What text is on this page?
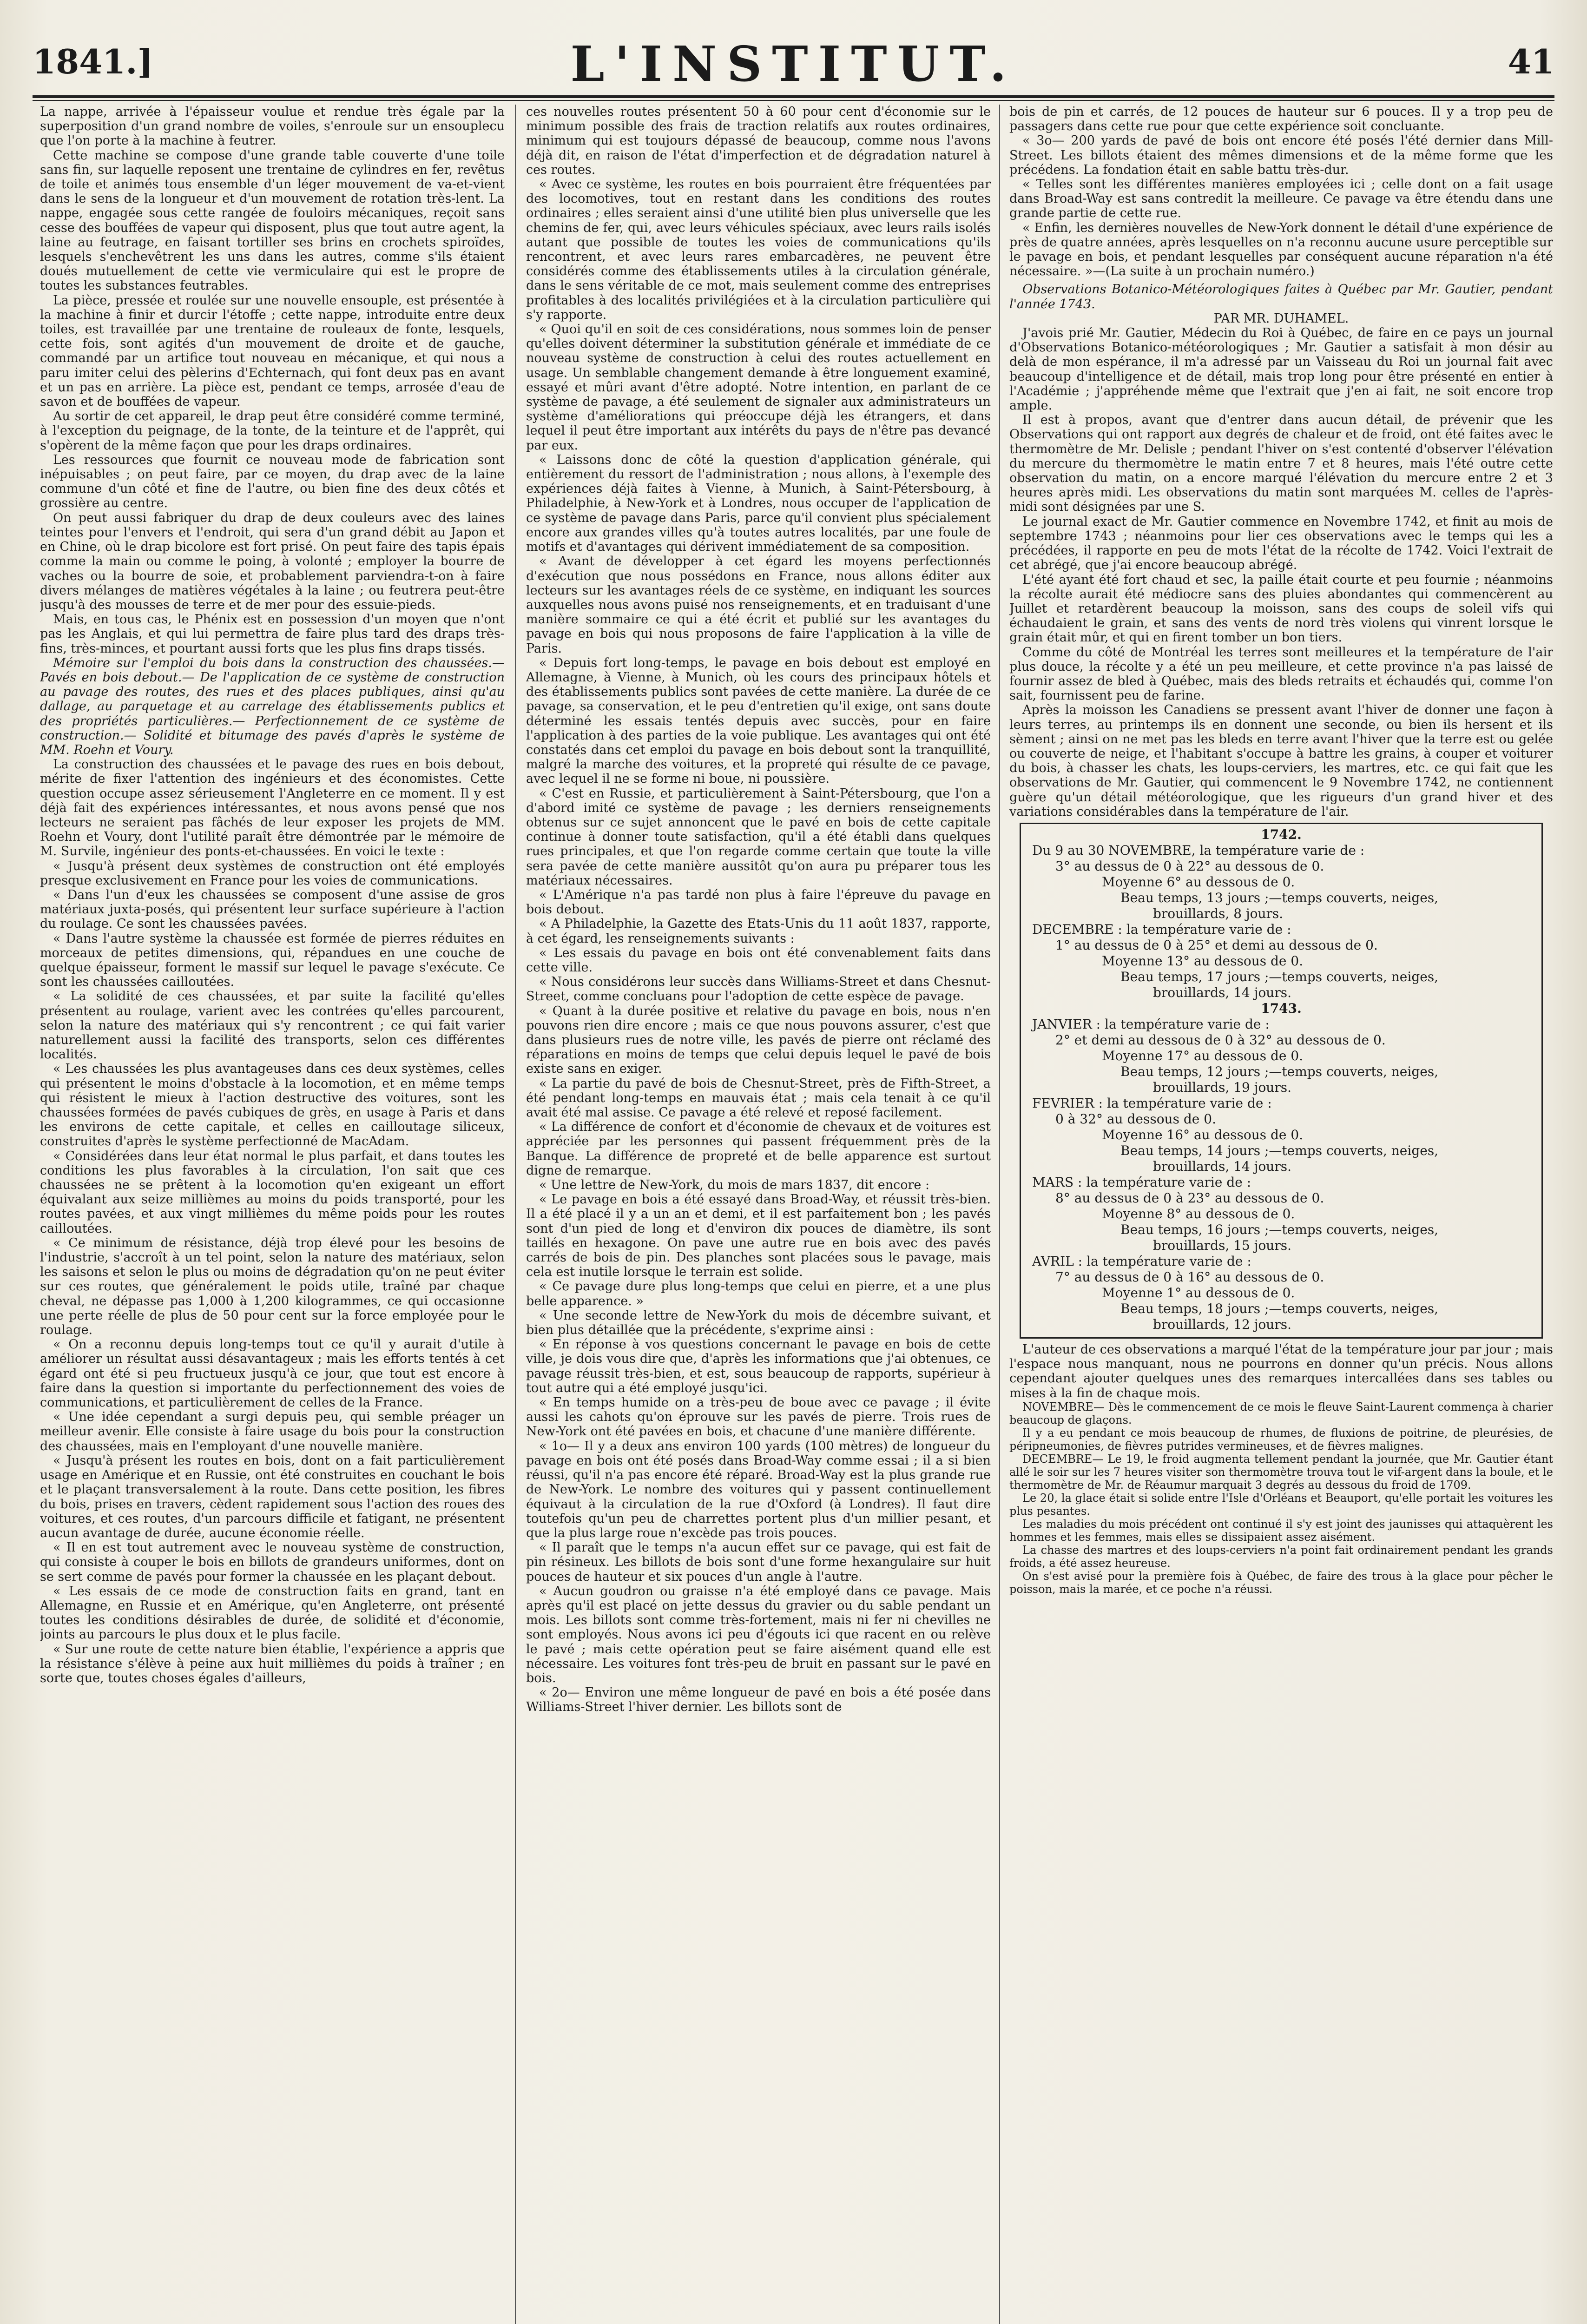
1841.]	L'INSTITUT.	41

La nappe, arrivée à l'épaisseur voulue et rendue très égale par la superposition d'un grand nombre de voiles, s'enroule sur un ensouplecu que l'on porte à la machine à feutrer.

Cette machine se compose d'une grande table couverte d'une toile sans fin, sur laquelle reposent une trentaine de cylindres en fer, revêtus de toile et animés tous ensemble d'un léger mouvement de va-et-vient dans le sens de la longueur et d'un mouvement de rotation très-lent. La nappe, engagée sous cette rangée de fouloirs mécaniques, reçoit sans cesse des bouffées de vapeur qui disposent, plus que tout autre agent, la laine au feutrage, en faisant tortiller ses brins en crochets spiroïdes, lesquels s'enchevêtrent les uns dans les autres, comme s'ils étaient doués mutuellement de cette vie vermiculaire qui est le propre de toutes les substances feutrables.

La pièce, pressée et roulée sur une nouvelle ensouple, est présentée à la machine à finir et durcir l'étoffe ; cette nappe, introduite entre deux toiles, est travaillée par une trentaine de rouleaux de fonte, lesquels, cette fois, sont agités d'un mouvement de droite et de gauche, commandé par un artifice tout nouveau en mécanique, et qui nous a paru imiter celui des pèlerins d'Echternach, qui font deux pas en avant et un pas en arrière. La pièce est, pendant ce temps, arrosée d'eau de savon et de bouffées de vapeur.

Au sortir de cet appareil, le drap peut être considéré comme terminé, à l'exception du peignage, de la tonte, de la teinture et de l'apprêt, qui s'opèrent de la même façon que pour les draps ordinaires.

Les ressources que fournit ce nouveau mode de fabrication sont inépuisables ; on peut faire, par ce moyen, du drap avec de la laine commune d'un côté et fine de l'autre, ou bien fine des deux côtés et grossière au centre.

On peut aussi fabriquer du drap de deux couleurs avec des laines teintes pour l'envers et l'endroit, qui sera d'un grand débit au Japon et en Chine, où le drap bicolore est fort prisé. On peut faire des tapis épais comme la main ou comme le poing, à volonté ; employer la bourre de vaches ou la bourre de soie, et probablement parviendra-t-on à faire divers mélanges de matières végétales à la laine ; ou feutrera peut-être jusqu'à des mousses de terre et de mer pour des essuie-pieds.

Mais, en tous cas, le Phénix est en possession d'un moyen que n'ont pas les Anglais, et qui lui permettra de faire plus tard des draps très-fins, très-minces, et pourtant aussi forts que les plus fins draps tissés.

Mémoire sur l'emploi du bois dans la construction des chaussées.— Pavés en bois debout.— De l'application de ce système de construction au pavage des routes, des rues et des places publiques, ainsi qu'au dallage, au parquetage et au carrelage des établissements publics et des propriétés particulières.— Perfectionnement de ce système de construction.— Solidité et bitumage des pavés d'après le système de MM. Roehn et Voury.

La construction des chaussées et le pavage des rues en bois debout, mérite de fixer l'attention des ingénieurs et des économistes. Cette question occupe assez sérieusement l'Angleterre en ce moment. Il y est déjà fait des expériences intéressantes, et nous avons pensé que nos lecteurs ne seraient pas fâchés de leur exposer les projets de MM. Roehn et Voury, dont l'utilité paraît être démontrée par le mémoire de M. Survile, ingénieur des ponts-et-chaussées. En voici le texte :

« Jusqu'à présent deux systèmes de construction ont été employés presque exclusivement en France pour les voies de communications.

« Dans l'un d'eux les chaussées se composent d'une assise de gros matériaux juxta-posés, qui présentent leur surface supérieure à l'action du roulage. Ce sont les chaussées pavées.

« Dans l'autre système la chaussée est formée de pierres réduites en morceaux de petites dimensions, qui, répandues en une couche de quelque épaisseur, forment le massif sur lequel le pavage s'exécute. Ce sont les chaussées cailloutées.

« La solidité de ces chaussées, et par suite la facilité qu'elles présentent au roulage, varient avec les contrées qu'elles parcourent, selon la nature des matériaux qui s'y rencontrent ; ce qui fait varier naturellement aussi la facilité des transports, selon ces différentes localités.

« Les chaussées les plus avantageuses dans ces deux systèmes, celles qui présentent le moins d'obstacle à la locomotion, et en même temps qui résistent le mieux à l'action destructive des voitures, sont les chaussées formées de pavés cubiques de grès, en usage à Paris et dans les environs de cette capitale, et celles en cailloutage siliceux, construites d'après le système perfectionné de MacAdam.

« Considérées dans leur état normal le plus parfait, et dans toutes les conditions les plus favorables à la circulation, l'on sait que ces chaussées ne se prêtent à la locomotion qu'en exigeant un effort équivalant aux seize millièmes au moins du poids transporté, pour les routes pavées, et aux vingt millièmes du même poids pour les routes cailloutées.

« Ce minimum de résistance, déjà trop élevé pour les besoins de l'industrie, s'accroît à un tel point, selon la nature des matériaux, selon les saisons et selon le plus ou moins de dégradation qu'on ne peut éviter sur ces routes, que généralement le poids utile, traîné par chaque cheval, ne dépasse pas 1,000 à 1,200 kilogrammes, ce qui occasionne une perte réelle de plus de 50 pour cent sur la force employée pour le roulage.

« On a reconnu depuis long-temps tout ce qu'il y aurait d'utile à améliorer un résultat aussi désavantageux ; mais les efforts tentés à cet égard ont été si peu fructueux jusqu'à ce jour, que tout est encore à faire dans la question si importante du perfectionnement des voies de communications, et particulièrement de celles de la France.

« Une idée cependant a surgi depuis peu, qui semble préager un meilleur avenir. Elle consiste à faire usage du bois pour la construction des chaussées, mais en l'employant d'une nouvelle manière.

« Jusqu'à présent les routes en bois, dont on a fait particulièrement usage en Amérique et en Russie, ont été construites en couchant le bois et le plaçant transversalement à la route. Dans cette position, les fibres du bois, prises en travers, cèdent rapidement sous l'action des roues des voitures, et ces routes, d'un parcours difficile et fatigant, ne présentent aucun avantage de durée, aucune économie réelle.

« Il en est tout autrement avec le nouveau système de construction, qui consiste à couper le bois en billots de grandeurs uniformes, dont on se sert comme de pavés pour former la chaussée en les plaçant debout.

« Les essais de ce mode de construction faits en grand, tant en Allemagne, en Russie et en Amérique, qu'en Angleterre, ont présenté toutes les conditions désirables de durée, de solidité et d'économie, joints au parcours le plus doux et le plus facile.

« Sur une route de cette nature bien établie, l'expérience a appris que la résistance s'élève à peine aux huit millièmes du poids à traîner ; en sorte que, toutes choses égales d'ailleurs,

ces nouvelles routes présentent 50 à 60 pour cent d'économie sur le minimum possible des frais de traction relatifs aux routes ordinaires, minimum qui est toujours dépassé de beaucoup, comme nous l'avons déjà dit, en raison de l'état d'imperfection et de dégradation naturel à ces routes.

« Avec ce système, les routes en bois pourraient être fréquentées par des locomotives, tout en restant dans les conditions des routes ordinaires ; elles seraient ainsi d'une utilité bien plus universelle que les chemins de fer, qui, avec leurs véhicules spéciaux, avec leurs rails isolés autant que possible de toutes les voies de communications qu'ils rencontrent, et avec leurs rares embarcadères, ne peuvent être considérés comme des établissements utiles à la circulation générale, dans le sens véritable de ce mot, mais seulement comme des entreprises profitables à des localités privilégiées et à la circulation particulière qui s'y rapporte.

« Quoi qu'il en soit de ces considérations, nous sommes loin de penser qu'elles doivent déterminer la substitution générale et immédiate de ce nouveau système de construction à celui des routes actuellement en usage. Un semblable changement demande à être longuement examiné, essayé et mûri avant d'être adopté. Notre intention, en parlant de ce système de pavage, a été seulement de signaler aux administrateurs un système d'améliorations qui préoccupe déjà les étrangers, et dans lequel il peut être important aux intérêts du pays de n'être pas devancé par eux.

« Laissons donc de côté la question d'application générale, qui entièrement du ressort de l'administration ; nous allons, à l'exemple des expériences déjà faites à Vienne, à Munich, à Saint-Pétersbourg, à Philadelphie, à New-York et à Londres, nous occuper de l'application de ce système de pavage dans Paris, parce qu'il convient plus spécialement encore aux grandes villes qu'à toutes autres localités, par une foule de motifs et d'avantages qui dérivent immédiatement de sa composition.

« Avant de développer à cet égard les moyens perfectionnés d'exécution que nous possédons en France, nous allons éditer aux lecteurs sur les avantages réels de ce système, en indiquant les sources auxquelles nous avons puisé nos renseignements, et en traduisant d'une manière sommaire ce qui a été écrit et publié sur les avantages du pavage en bois qui nous proposons de faire l'application à la ville de Paris.

« Depuis fort long-temps, le pavage en bois debout est employé en Allemagne, à Vienne, à Munich, où les cours des principaux hôtels et des établissements publics sont pavées de cette manière. La durée de ce pavage, sa conservation, et le peu d'entretien qu'il exige, ont sans doute déterminé les essais tentés depuis avec succès, pour en faire l'application à des parties de la voie publique. Les avantages qui ont été constatés dans cet emploi du pavage en bois debout sont la tranquillité, malgré la marche des voitures, et la propreté qui résulte de ce pavage, avec lequel il ne se forme ni boue, ni poussière.

« C'est en Russie, et particulièrement à Saint-Pétersbourg, que l'on a d'abord imité ce système de pavage ; les derniers renseignements obtenus sur ce sujet annoncent que le pavé en bois de cette capitale continue à donner toute satisfaction, qu'il a été établi dans quelques rues principales, et que l'on regarde comme certain que toute la ville sera pavée de cette manière aussitôt qu'on aura pu préparer tous les matériaux nécessaires.

« L'Amérique n'a pas tardé non plus à faire l'épreuve du pavage en bois debout.

« A Philadelphie, la Gazette des Etats-Unis du 11 août 1837, rapporte, à cet égard, les renseignements suivants :

« Les essais du pavage en bois ont été convenablement faits dans cette ville.

« Nous considérons leur succès dans Williams-Street et dans Chesnut-Street, comme concluans pour l'adoption de cette espèce de pavage.

« Quant à la durée positive et relative du pavage en bois, nous n'en pouvons rien dire encore ; mais ce que nous pouvons assurer, c'est que dans plusieurs rues de notre ville, les pavés de pierre ont réclamé des réparations en moins de temps que celui depuis lequel le pavé de bois existe sans en exiger.

« La partie du pavé de bois de Chesnut-Street, près de Fifth-Street, a été pendant long-temps en mauvais état ; mais cela tenait à ce qu'il avait été mal assise. Ce pavage a été relevé et reposé facilement.

« La différence de confort et d'économie de chevaux et de voitures est appréciée par les personnes qui passent fréquemment près de la Banque. La différence de propreté et de belle apparence est surtout digne de remarque.

« Une lettre de New-York, du mois de mars 1837, dit encore :

« Le pavage en bois a été essayé dans Broad-Way, et réussit très-bien. Il a été placé il y a un an et demi, et il est parfaitement bon ; les pavés sont d'un pied de long et d'environ dix pouces de diamètre, ils sont taillés en hexagone. On pave une autre rue en bois avec des pavés carrés de bois de pin. Des planches sont placées sous le pavage, mais cela est inutile lorsque le terrain est solide.

« Ce pavage dure plus long-temps que celui en pierre, et a une plus belle apparence. »

« Une seconde lettre de New-York du mois de décembre suivant, et bien plus détaillée que la précédente, s'exprime ainsi :

« En réponse à vos questions concernant le pavage en bois de cette ville, je dois vous dire que, d'après les informations que j'ai obtenues, ce pavage réussit très-bien, et est, sous beaucoup de rapports, supérieur à tout autre qui a été employé jusqu'ici.

« En temps humide on a très-peu de boue avec ce pavage ; il évite aussi les cahots qu'on éprouve sur les pavés de pierre. Trois rues de New-York ont été pavées en bois, et chacune d'une manière différente.

« 1o— Il y a deux ans environ 100 yards (100 mètres) de longueur du pavage en bois ont été posés dans Broad-Way comme essai ; il a si bien réussi, qu'il n'a pas encore été réparé. Broad-Way est la plus grande rue de New-York. Le nombre des voitures qui y passent continuellement équivaut à la circulation de la rue d'Oxford (à Londres). Il faut dire toutefois qu'un peu de charrettes portent plus d'un millier pesant, et que la plus large roue n'excède pas trois pouces.

« Il paraît que le temps n'a aucun effet sur ce pavage, qui est fait de pin résineux. Les billots de bois sont d'une forme hexangulaire sur huit pouces de hauteur et six pouces d'un angle à l'autre.

« Aucun goudron ou graisse n'a été employé dans ce pavage. Mais après qu'il est placé on jette dessus du gravier ou du sable pendant un mois. Les billots sont comme très-fortement, mais ni fer ni chevilles ne sont employés. Nous avons ici peu d'égouts ici que racent en ou relève le pavé ; mais cette opération peut se faire aisément quand elle est nécessaire. Les voitures font très-peu de bruit en passant sur le pavé en bois.

« 2o— Environ une même longueur de pavé en bois a été posée dans Williams-Street l'hiver dernier. Les billots sont de

bois de pin et carrés, de 12 pouces de hauteur sur 6 pouces. Il y a trop peu de passagers dans cette rue pour que cette expérience soit concluante.

« 3o— 200 yards de pavé de bois ont encore été posés l'été dernier dans Mill-Street. Les billots étaient des mêmes dimensions et de la même forme que les précédens. La fondation était en sable battu très-dur.

« Telles sont les différentes manières employées ici ; celle dont on a fait usage dans Broad-Way est sans contredit la meilleure. Ce pavage va être étendu dans une grande partie de cette rue.

« Enfin, les dernières nouvelles de New-York donnent le détail d'une expérience de près de quatre années, après lesquelles on n'a reconnu aucune usure perceptible sur le pavage en bois, et pendant lesquelles par conséquent aucune réparation n'a été nécessaire. »—(La suite à un prochain numéro.)

Observations Botanico-Météorologiques faites à Québec par Mr. Gautier, pendant l'année 1743.

PAR MR. DUHAMEL.

J'avois prié Mr. Gautier, Médecin du Roi à Québec, de faire en ce pays un journal d'Observations Botanico-météorologiques ; Mr. Gautier a satisfait à mon désir au delà de mon espérance, il m'a adressé par un Vaisseau du Roi un journal fait avec beaucoup d'intelligence et de détail, mais trop long pour être présenté en entier à l'Académie ; j'appréhende même que l'extrait que j'en ai fait, ne soit encore trop ample.

Il est à propos, avant que d'entrer dans aucun détail, de prévenir que les Observations qui ont rapport aux degrés de chaleur et de froid, ont été faites avec le thermomètre de Mr. Delisle ; pendant l'hiver on s'est contenté d'observer l'élévation du mercure du thermomètre le matin entre 7 et 8 heures, mais l'été outre cette observation du matin, on a encore marqué l'élévation du mercure entre 2 et 3 heures après midi. Les observations du matin sont marquées M. celles de l'après-midi sont désignées par une S.

Le journal exact de Mr. Gautier commence en Novembre 1742, et finit au mois de septembre 1743 ; néanmoins pour lier ces observations avec le temps qui les a précédées, il rapporte en peu de mots l'état de la récolte de 1742. Voici l'extrait de cet abrégé, que j'ai encore beaucoup abrégé.

L'été ayant été fort chaud et sec, la paille était courte et peu fournie ; néanmoins la récolte aurait été médiocre sans des pluies abondantes qui commencèrent au Juillet et retardèrent beaucoup la moisson, sans des coups de soleil vifs qui échaudaient le grain, et sans des vents de nord très violens qui vinrent lorsque le grain était mûr, et qui en firent tomber un bon tiers.

Comme du côté de Montréal les terres sont meilleures et la température de l'air plus douce, la récolte y a été un peu meilleure, et cette province n'a pas laissé de fournir assez de bled à Québec, mais des bleds retraits et échaudés qui, comme l'on sait, fournissent peu de farine.

Après la moisson les Canadiens se pressent avant l'hiver de donner une façon à leurs terres, au printemps ils en donnent une seconde, ou bien ils hersent et ils sèment ; ainsi on ne met pas les bleds en terre avant l'hiver que la terre est ou gelée ou couverte de neige, et l'habitant s'occupe à battre les grains, à couper et voiturer du bois, à chasser les chats, les loups-cerviers, les martres, etc. ce qui fait que les observations de Mr. Gautier, qui commencent le 9 Novembre 1742, ne contiennent guère qu'un détail météorologique, que les rigueurs d'un grand hiver et des variations considérables dans la température de l'air.

1742.
Du 9 au 30 NOVEMBRE, la température varie de :
3° au dessus de 0 à 22° au dessous de 0.
Moyenne 6° au dessous de 0.
Beau temps, 13 jours ;—temps couverts, neiges,
brouillards, 8 jours.
DECEMBRE : la température varie de :
1° au dessus de 0 à 25° et demi au dessous de 0.
Moyenne 13° au dessous de 0.
Beau temps, 17 jours ;—temps couverts, neiges,
brouillards, 14 jours.
1743.
JANVIER : la température varie de :
2° et demi au dessous de 0 à 32° au dessous de 0.
Moyenne 17° au dessous de 0.
Beau temps, 12 jours ;—temps couverts, neiges,
brouillards, 19 jours.
FEVRIER : la température varie de :
0 à 32° au dessous de 0.
Moyenne 16° au dessous de 0.
Beau temps, 14 jours ;—temps couverts, neiges,
brouillards, 14 jours.
MARS : la température varie de :
8° au dessus de 0 à 23° au dessous de 0.
Moyenne 8° au dessous de 0.
Beau temps, 16 jours ;—temps couverts, neiges,
brouillards, 15 jours.
AVRIL : la température varie de :
7° au dessus de 0 à 16° au dessous de 0.
Moyenne 1° au dessous de 0.
Beau temps, 18 jours ;—temps couverts, neiges,
brouillards, 12 jours.

L'auteur de ces observations a marqué l'état de la température jour par jour ; mais l'espace nous manquant, nous ne pourrons en donner qu'un précis. Nous allons cependant ajouter quelques unes des remarques intercallées dans ses tables ou mises à la fin de chaque mois.

NOVEMBRE— Dès le commencement de ce mois le fleuve Saint-Laurent commença à charier beaucoup de glaçons.

Il y a eu pendant ce mois beaucoup de rhumes, de fluxions de poitrine, de pleurésies, de péripneumonies, de fièvres putrides vermineuses, et de fièvres malignes.

DECEMBRE— Le 19, le froid augmenta tellement pendant la journée, que Mr. Gautier étant allé le soir sur les 7 heures visiter son thermomètre trouva tout le vif-argent dans la boule, et le thermomètre de Mr. de Réaumur marquait 3 degrés au dessous du froid de 1709.

Le 20, la glace était si solide entre l'Isle d'Orléans et Beauport, qu'elle portait les voitures les plus pesantes.

Les maladies du mois précédent ont continué il s'y est joint des jaunisses qui attaquèrent les hommes et les femmes, mais elles se dissipaient assez aisément.

La chasse des martres et des loups-cerviers n'a point fait ordinairement pendant les grands froids, a été assez heureuse.

On s'est avisé pour la première fois à Québec, de faire des trous à la glace pour pêcher le poisson, mais la marée, et ce poche n'a réussi.
